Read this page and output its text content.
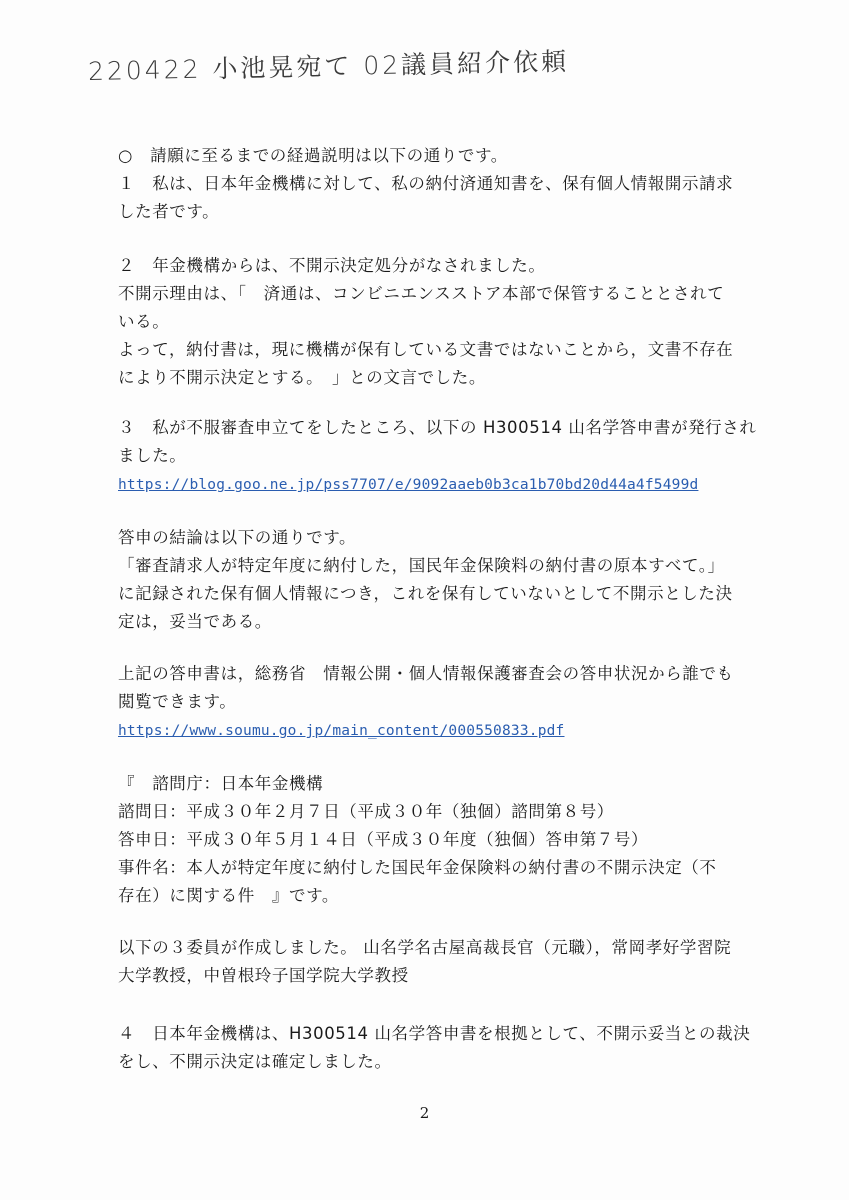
220422 小池晃宛て 02議員紹介依頼
○　請願に至るまでの経過説明は以下の通りです。
１　私は、日本年金機構に対して、私の納付済通知書を、保有個人情報開示請求
した者です。
２　年金機構からは、不開示決定処分がなされました。
不開示理由は、「　済通は、コンビニエンスストア本部で保管することとされて
いる。
よって，納付書は，現に機構が保有している文書ではないことから，文書不存在
により不開示決定とする。　」との文言でした。
３　私が不服審査申立てをしたところ、以下の H300514 山名学答申書が発行され
ました。
https://blog.goo.ne.jp/pss7707/e/9092aaeb0b3ca1b70bd20d44a4f5499d
答申の結論は以下の通りです。
「審査請求人が特定年度に納付した，国民年金保険料の納付書の原本すべて。」
に記録された保有個人情報につき，これを保有していないとして不開示とした決
定は，妥当である。
上記の答申書は，総務省　情報公開・個人情報保護審査会の答申状況から誰でも
閲覧できます。
https://www.soumu.go.jp/main_content/000550833.pdf
『　諮問庁：日本年金機構
諮問日：平成３０年２月７日（平成３０年（独個）諮問第８号）
答申日：平成３０年５月１４日（平成３０年度（独個）答申第７号）
事件名：本人が特定年度に納付した国民年金保険料の納付書の不開示決定（不
存在）に関する件　』です。
以下の３委員が作成しました。 山名学名古屋高裁長官（元職），常岡孝好学習院
大学教授，中曽根玲子国学院大学教授
４　日本年金機構は、H300514 山名学答申書を根拠として、不開示妥当との裁決
をし、不開示決定は確定しました。
2
